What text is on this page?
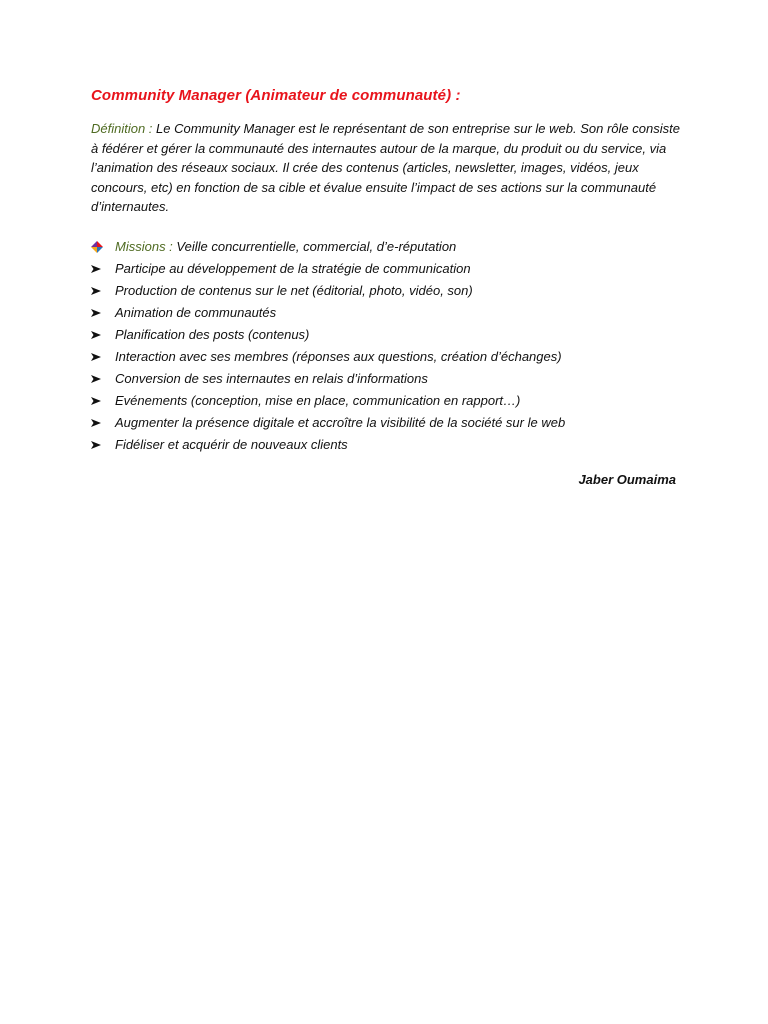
Community Manager (Animateur de communauté) :
Définition : Le Community Manager est le représentant de son entreprise sur le web. Son rôle consiste à fédérer et gérer la communauté des internautes autour de la marque, du produit ou du service, via l’animation des réseaux sociaux. Il crée des contenus (articles, newsletter, images, vidéos, jeux concours, etc) en fonction de sa cible et évalue ensuite l’impact de ses actions sur la communauté d’internautes.
Missions : Veille concurrentielle, commercial, d’e-réputation
Participe au développement de la stratégie de communication
Production de contenus sur le net (éditorial, photo, vidéo, son)
Animation de communautés
Planification des posts (contenus)
Interaction avec ses membres (réponses aux questions, création d’échanges)
Conversion de ses internautes en relais d’informations
Evénements (conception, mise en place, communication en rapport…)
Augmenter la présence digitale et accroître la visibilité de la société sur le web
Fidéliser et acquérir de nouveaux clients
Jaber Oumaima
